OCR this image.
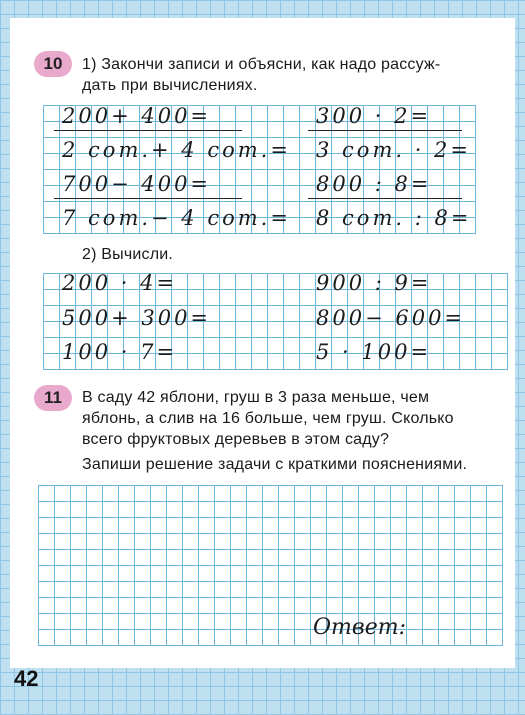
10	1) Закончи записи и объясни, как надо рассуж-
дать при вычислениях.
200+ 400=
2 сот.+ 4 сот.=
700− 400=
7 сот.− 4 сот.=
300 · 2=
3 сот. · 2=
800 : 8=
8 сот. : 8=
2) Вычисли.
200 · 4=
500+ 300=
100 · 7=
900 : 9=
800− 600=
5 · 100=
11	В саду 42 яблони, груш в 3 раза меньше, чем
яблонь, а слив на 16 больше, чем груш. Сколько
всего фруктовых деревьев в этом саду?
Запиши решение задачи с краткими пояснениями.
Ответ:
42
